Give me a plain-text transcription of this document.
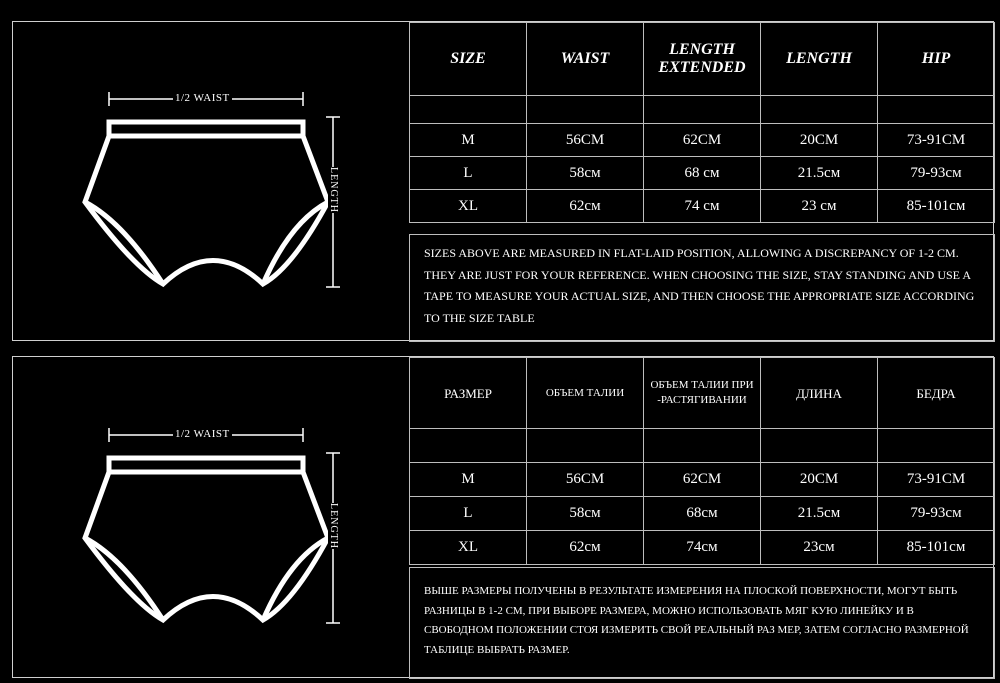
1/2 WAIST
LENGTH
SIZE	WAIST	LENGTH EXTENDED	LENGTH	HIP

M	56CM	62CM	20CM	73-91CM
L	58см	68 см	21.5см	79-93см
XL	62см	74 см	23 см	85-101см
SIZES ABOVE ARE MEASURED IN FLAT-LAID POSITION, ALLOWING A DISCREPANCY OF 1-2 CM. THEY ARE JUST FOR YOUR REFERENCE. WHEN CHOOSING THE SIZE, STAY STANDING AND USE A TAPE TO MEASURE YOUR ACTUAL SIZE, AND THEN CHOOSE THE APPROPRIATE SIZE ACCORDING TO THE SIZE TABLE
1/2 WAIST
LENGTH
РАЗМЕР	ОБЪЕМ ТАЛИИ	ОБЪЕМ ТАЛИИ ПРИ -РАСТЯГИВАНИИ	ДЛИНА	БЕДРА

M	56CM	62CM	20CM	73-91CM
L	58см	68см	21.5см	79-93см
XL	62см	74см	23см	85-101см
ВЫШЕ РАЗМЕРЫ ПОЛУЧЕНЫ В РЕЗУЛЬТАТЕ ИЗМЕРЕНИЯ НА ПЛОСКОЙ ПОВЕРХНОСТИ, МОГУТ БЫТЬ РАЗНИЦЫ В 1-2 СМ, ПРИ ВЫБОРЕ РАЗМЕРА, МОЖНО ИСПОЛЬЗОВАТЬ МЯГ КУЮ ЛИНЕЙКУ И В СВОБОДНОМ ПОЛОЖЕНИИ СТОЯ ИЗМЕРИТЬ СВОЙ РЕАЛЬНЫЙ РАЗ МЕР, ЗАТЕМ СОГЛАСНО РАЗМЕРНОЙ ТАБЛИЦЕ ВЫБРАТЬ РАЗМЕР.
